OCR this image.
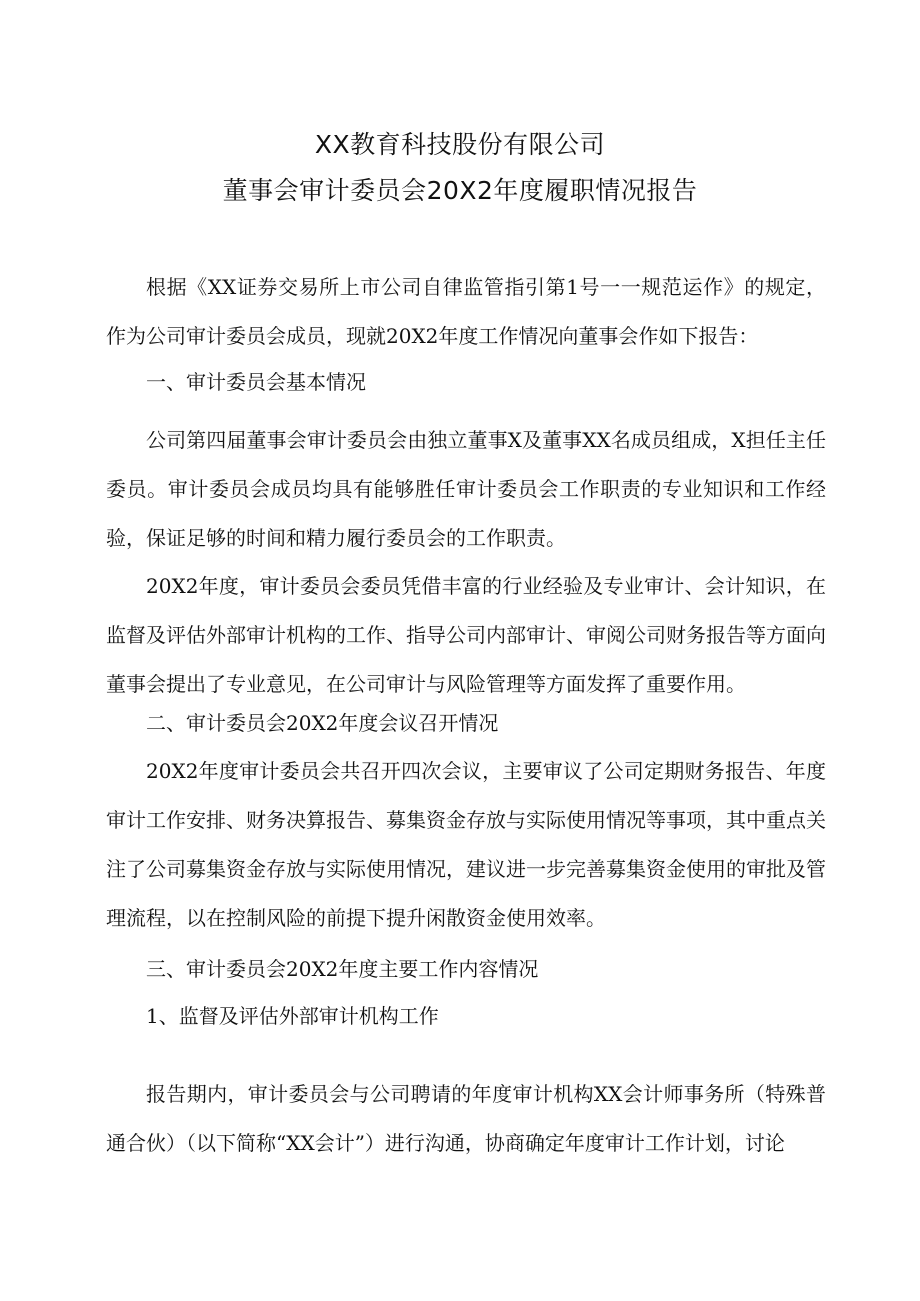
XX教育科技股份有限公司
董事会审计委员会20X2年度履职情况报告

根据《XX证券交易所上市公司自律监管指引第1号一一规范运作》的规定，作为公司审计委员会成员，现就20X2年度工作情况向董事会作如下报告：

一、审计委员会基本情况

公司第四届董事会审计委员会由独立董事X及董事XX名成员组成，X担任主任委员。审计委员会成员均具有能够胜任审计委员会工作职责的专业知识和工作经验，保证足够的时间和精力履行委员会的工作职责。

20X2年度，审计委员会委员凭借丰富的行业经验及专业审计、会计知识，在监督及评估外部审计机构的工作、指导公司内部审计、审阅公司财务报告等方面向董事会提出了专业意见，在公司审计与风险管理等方面发挥了重要作用。

二、审计委员会20X2年度会议召开情况

20X2年度审计委员会共召开四次会议，主要审议了公司定期财务报告、年度审计工作安排、财务决算报告、募集资金存放与实际使用情况等事项，其中重点关注了公司募集资金存放与实际使用情况，建议进一步完善募集资金使用的审批及管理流程，以在控制风险的前提下提升闲散资金使用效率。

三、审计委员会20X2年度主要工作内容情况

1、监督及评估外部审计机构工作

报告期内，审计委员会与公司聘请的年度审计机构XX会计师事务所（特殊普通合伙）（以下简称“XX会计”）进行沟通，协商确定年度审计工作计划，讨论
